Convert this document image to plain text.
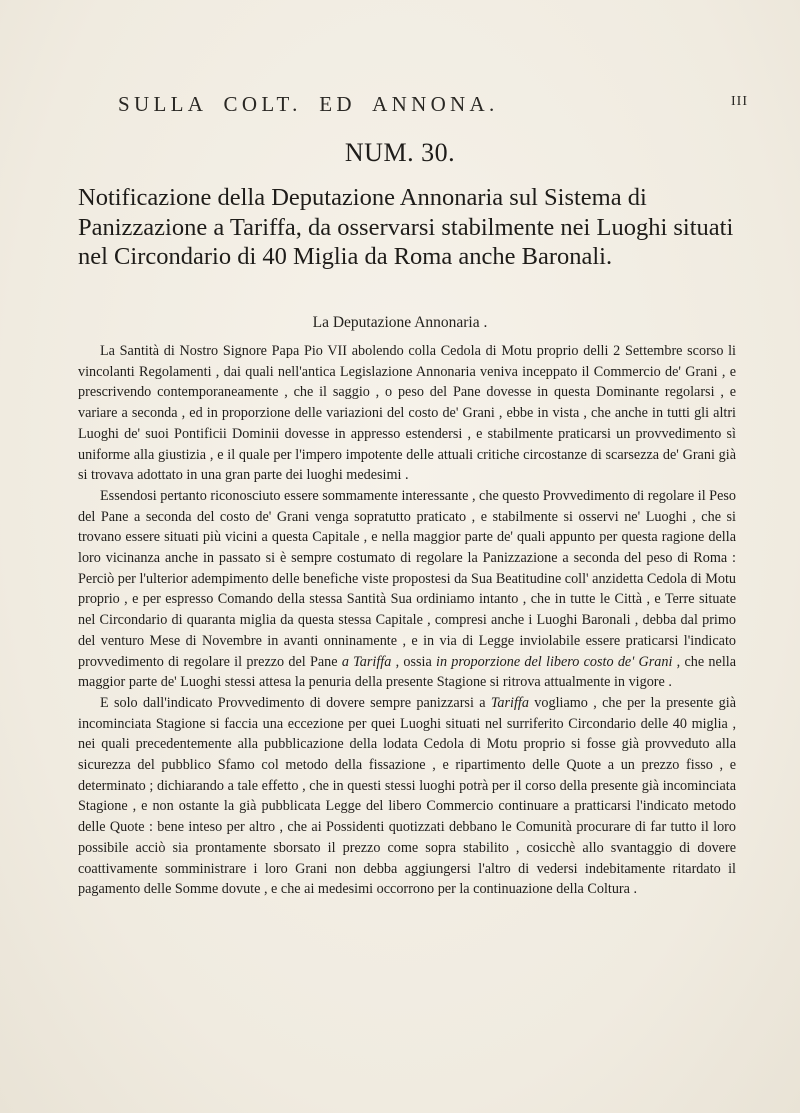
SULLA COLT. ED ANNONA.	III
NUM. 30.
Notificazione della Deputazione Annonaria sul Sistema di Panizzazione a Tariffa, da osservarsi stabilmente nei Luoghi situati nel Circondario di 40 Miglia da Roma anche Baronali.
La Deputazione Annonaria .

La Santità di Nostro Signore Papa Pio VII abolendo colla Cedola di Motu proprio delli 2 Settembre scorso li vincolanti Regolamenti , dai quali nell'antica Legislazione Annonaria veniva inceppato il Commercio de' Grani , e prescrivendo contemporaneamente , che il saggio , o peso del Pane dovesse in questa Dominante regolarsi , e variare a seconda , ed in proporzione delle variazioni del costo de' Grani , ebbe in vista , che anche in tutti gli altri Luoghi de' suoi Pontificii Dominii dovesse in appresso estendersi , e stabilmente praticarsi un provvedimento sì uniforme alla giustizia , e il quale per l'impero impotente delle attuali critiche circostanze di scarsezza de' Grani già si trovava adottato in una gran parte dei luoghi medesimi .

Essendosi pertanto riconosciuto essere sommamente interessante , che questo Provvedimento di regolare il Peso del Pane a seconda del costo de' Grani venga sopratutto praticato , e stabilmente si osservi ne' Luoghi , che si trovano essere situati più vicini a questa Capitale , e nella maggior parte de' quali appunto per questa ragione della loro vicinanza anche in passato si è sempre costumato di regolare la Panizzazione a seconda del peso di Roma : Perciò per l'ulterior adempimento delle benefiche viste propostesi da Sua Beatitudine coll' anzidetta Cedola di Motu proprio , e per espresso Comando della stessa Santità Sua ordiniamo intanto , che in tutte le Città , e Terre situate nel Circondario di quaranta miglia da questa stessa Capitale , compresi anche i Luoghi Baronali , debba dal primo del venturo Mese di Novembre in avanti onninamente , e in via di Legge inviolabile essere praticarsi l'indicato provvedimento di regolare il prezzo del Pane a Tariffa , ossia in proporzione del libero costo de' Grani , che nella maggior parte de' Luoghi stessi attesa la penuria della presente Stagione si ritrova attualmente in vigore .

E solo dall'indicato Provvedimento di dovere sempre panizzarsi a Tariffa vogliamo , che per la presente già incominciata Stagione si faccia una eccezione per quei Luoghi situati nel surriferito Circondario delle 40 miglia , nei quali precedentemente alla pubblicazione della lodata Cedola di Motu proprio si fosse già provveduto alla sicurezza del pubblico Sfamo col metodo della fissazione , e ripartimento delle Quote a un prezzo fisso , e determinato ; dichiarando a tale effetto , che in questi stessi luoghi potrà per il corso della presente già incominciata Stagione , e non ostante la già pubblicata Legge del libero Commercio continuare a pratticarsi l'indicato metodo delle Quote : bene inteso per altro , che ai Possidenti quotizzati debbano le Comunità procurare di far tutto il loro possibile acciò sia prontamente sborsato il prezzo come sopra stabilito , cosicchè allo svantaggio di dovere coattivamente somministrare i loro Grani non debba aggiungersi l'altro di vedersi indebitamente ritardato il pagamento delle Somme dovute , e che ai medesimi occorrono per la continuazione della Coltura .
